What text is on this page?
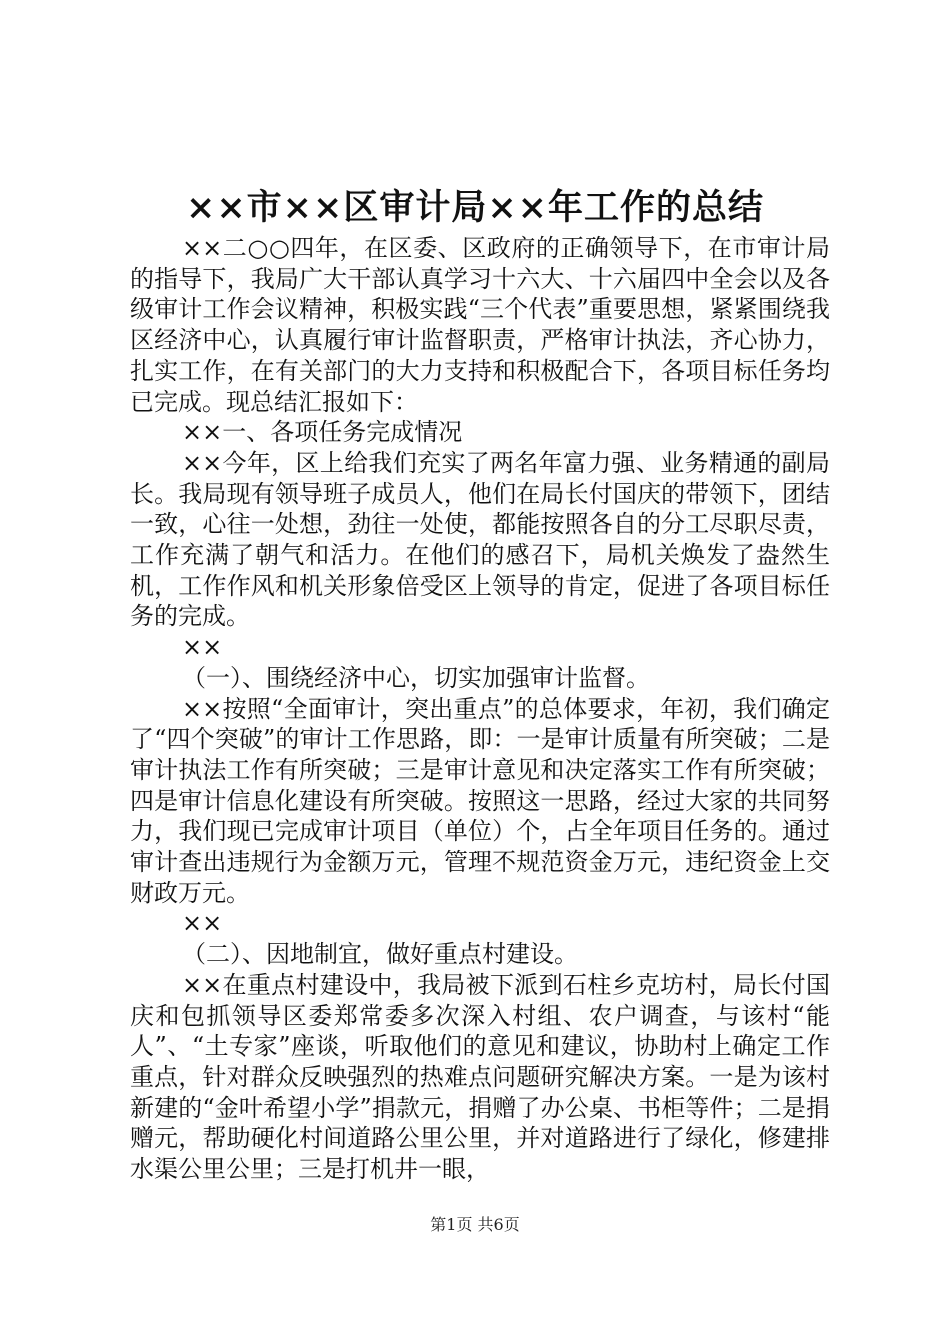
××市××区审计局××年工作的总结

××二○○四年，在区委、区政府的正确领导下，在市审计局的指导下，我局广大干部认真学习十六大、十六届四中全会以及各级审计工作会议精神，积极实践“三个代表”重要思想，紧紧围绕我区经济中心，认真履行审计监督职责，严格审计执法，齐心协力，扎实工作，在有关部门的大力支持和积极配合下，各项目标任务均已完成。现总结汇报如下：

××一、各项任务完成情况

××今年，区上给我们充实了两名年富力强、业务精通的副局长。我局现有领导班子成员人，他们在局长付国庆的带领下，团结一致，心往一处想，劲往一处使，都能按照各自的分工尽职尽责，工作充满了朝气和活力。在他们的感召下，局机关焕发了盎然生机，工作作风和机关形象倍受区上领导的肯定，促进了各项目标任务的完成。

××

（一）、围绕经济中心，切实加强审计监督。

××按照“全面审计，突出重点”的总体要求，年初，我们确定了“四个突破”的审计工作思路，即：一是审计质量有所突破；二是审计执法工作有所突破；三是审计意见和决定落实工作有所突破；四是审计信息化建设有所突破。按照这一思路，经过大家的共同努力，我们现已完成审计项目（单位）个，占全年项目任务的。通过审计查出违规行为金额万元，管理不规范资金万元，违纪资金上交财政万元。

××

（二）、因地制宜，做好重点村建设。

××在重点村建设中，我局被下派到石柱乡克坊村，局长付国庆和包抓领导区委郑常委多次深入村组、农户调查，与该村“能人”、“土专家”座谈，听取他们的意见和建议，协助村上确定工作重点，针对群众反映强烈的热难点问题研究解决方案。一是为该村新建的“金叶希望小学”捐款元，捐赠了办公桌、书柜等件；二是捐赠元，帮助硬化村间道路公里公里，并对道路进行了绿化，修建排水渠公里公里；三是打机井一眼，

第1页 共6页
